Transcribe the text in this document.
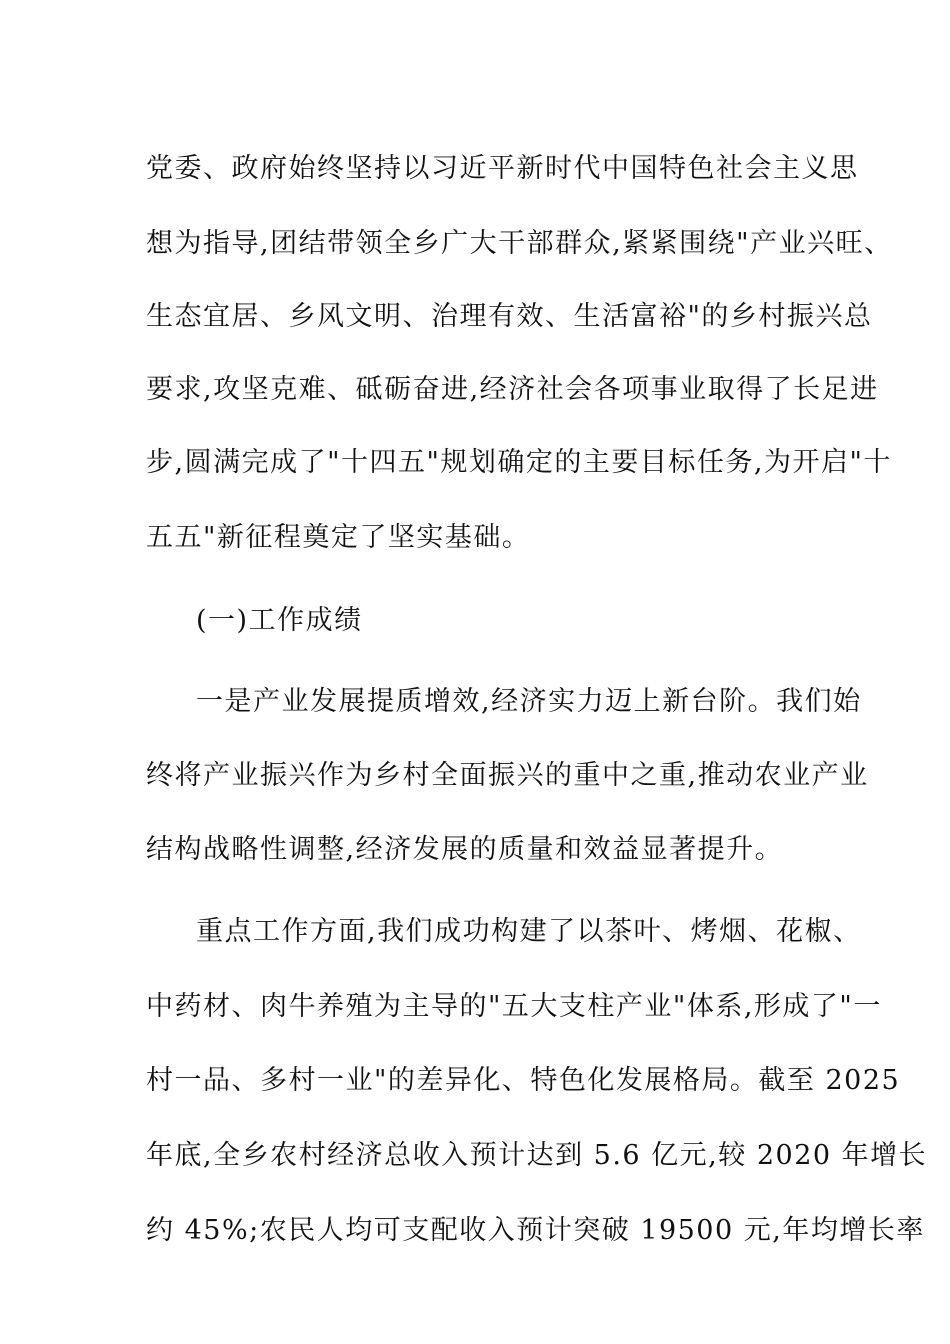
党委、政府始终坚持以习近平新时代中国特色社会主义思

想为指导,团结带领全乡广大干部群众,紧紧围绕"产业兴旺、

生态宜居、乡风文明、治理有效、生活富裕"的乡村振兴总

要求,攻坚克难、砥砺奋进,经济社会各项事业取得了长足进

步,圆满完成了"十四五"规划确定的主要目标任务,为开启"十

五五"新征程奠定了坚实基础。

(一)工作成绩

一是产业发展提质增效,经济实力迈上新台阶。我们始

终将产业振兴作为乡村全面振兴的重中之重,推动农业产业

结构战略性调整,经济发展的质量和效益显著提升。

重点工作方面,我们成功构建了以茶叶、烤烟、花椒、

中药材、肉牛养殖为主导的"五大支柱产业"体系,形成了"一

村一品、多村一业"的差异化、特色化发展格局。截至 2025

年底,全乡农村经济总收入预计达到 5.6 亿元,较 2020 年增长

约 45%;农民人均可支配收入预计突破 19500 元,年均增长率
